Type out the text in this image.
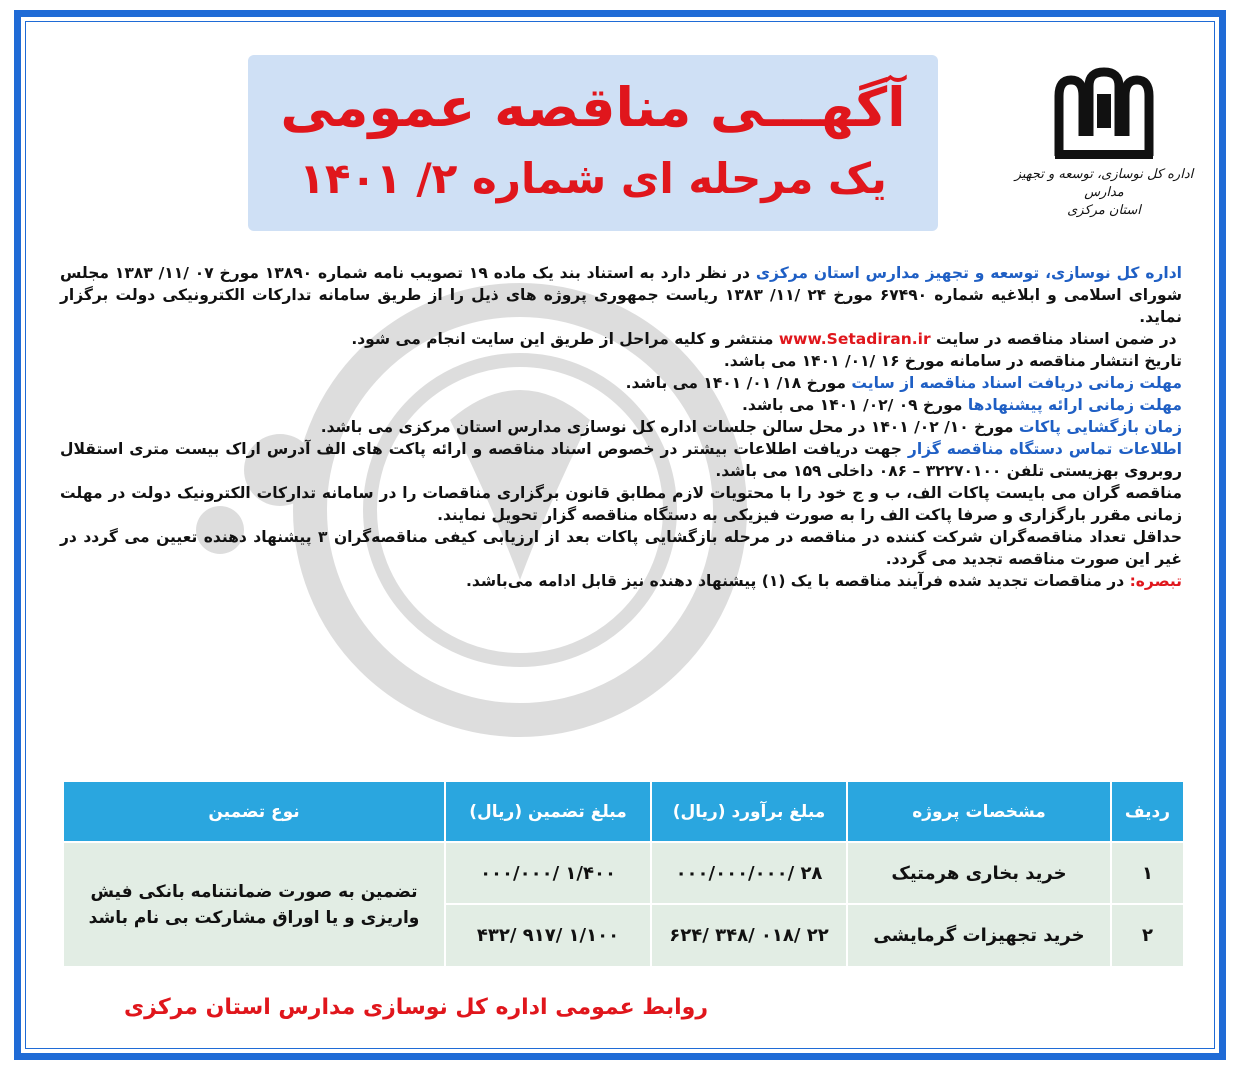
اداره کل نوسازی، توسعه و تجهیز مدارس
استان مرکزی
آگهـــی مناقصه عمومی
یک مرحله ای شماره ۲/ ۱۴۰۱

اداره کل نوسازی، توسعه و تجهیز مدارس استان مرکزی در نظر دارد به استناد بند یک ماده ۱۹ تصویب نامه شماره ۱۳۸۹۰ مورخ ۰۷ /۱۱/ ۱۳۸۳ مجلس شورای اسلامی و ابلاغیه شماره ۶۷۴۹۰ مورخ ۲۴ /۱۱/ ۱۳۸۳ ریاست جمهوری پروژه های ذیل را از طریق سامانه تدارکات الکترونیکی دولت برگزار نماید.

در ضمن اسناد مناقصه در سایت www.Setadiran.ir منتشر و کلیه مراحل از طریق این سایت انجام می شود.

تاریخ انتشار مناقصه در سامانه مورخ ۱۶ /۰۱/ ۱۴۰۱ می باشد.

مهلت زمانی دریافت اسناد مناقصه از سایت مورخ ۱۸/ ۰۱/ ۱۴۰۱ می باشد.

مهلت زمانی ارائه پیشنهادها مورخ ۰۹ /۰۲/ ۱۴۰۱ می باشد.

زمان بازگشایی پاکات مورخ ۱۰/ ۰۲/ ۱۴۰۱ در محل سالن جلسات اداره کل نوسازی مدارس استان مرکزی می باشد.

اطلاعات تماس دستگاه مناقصه گزار جهت دریافت اطلاعات بیشتر در خصوص اسناد مناقصه و ارائه پاکت های الف آدرس اراک بیست متری استقلال روبروی بهزیستی تلفن ۳۲۲۷۰۱۰۰ – ۰۸۶ داخلی ۱۵۹ می باشد.

مناقصه گران می بایست پاکات الف، ب و ج خود را با محتویات لازم مطابق قانون برگزاری مناقصات را در سامانه تدارکات الکترونیک دولت در مهلت زمانی مقرر بارگزاری و صرفا پاکت الف را به صورت فیزیکی به دستگاه مناقصه گزار تحویل نمایند.

حداقل تعداد مناقصه‌گران شرکت کننده در مناقصه در مرحله بازگشایی پاکات بعد از ارزیابی کیفی مناقصه‌گران ۳ پیشنهاد دهنده تعیین می گردد در غیر این صورت مناقصه تجدید می گردد.

تبصره: در مناقصات تجدید شده فرآیند مناقصه با یک (۱) پیشنهاد دهنده نیز قابل ادامه می‌باشد.

ردیف	مشخصات پروژه	مبلغ برآورد (ریال)	مبلغ تضمین (ریال)	نوع تضمین
۱	خرید بخاری هرمتیک	۲۸ /۰۰۰/۰۰۰/۰۰۰	۱/۴۰۰ /۰۰۰/۰۰۰	تضمین به صورت ضمانتنامه بانکی فیش واریزی و یا اوراق مشارکت بی نام باشد
۲	خرید تجهیزات گرمایشی	۲۲ /۰۱۸ /۳۴۸ /۶۲۴	۱/۱۰۰ /۹۱۷ /۴۳۲	
روابط عمومی اداره کل نوسازی مدارس استان مرکزی
